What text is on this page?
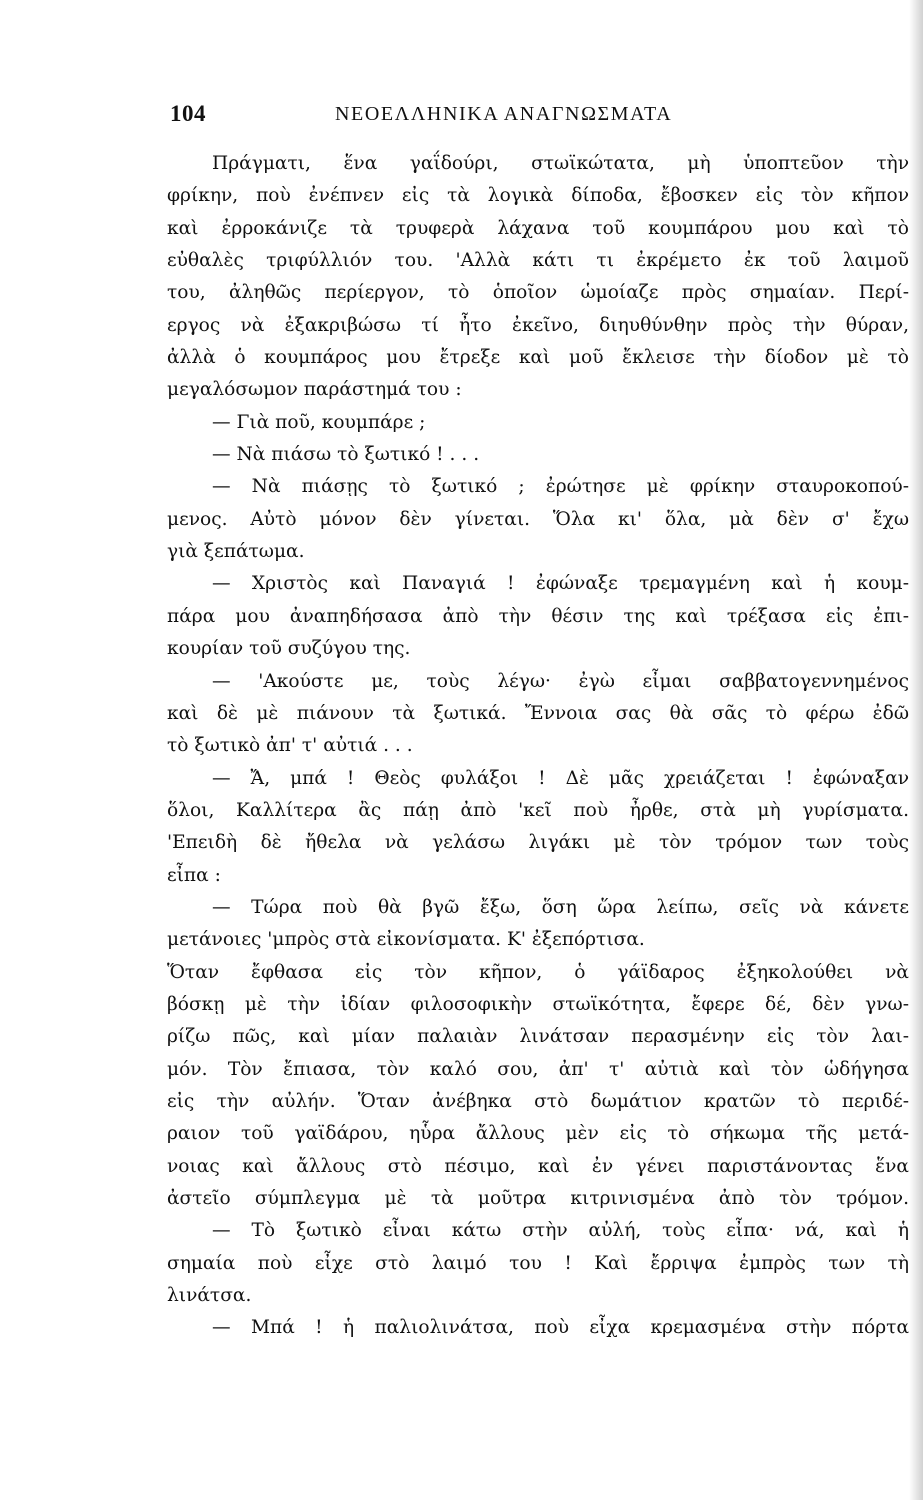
104	ΝΕΟΕΛΛΗΝΙΚΑ ΑΝΑΓΝΩΣΜΑΤΑ
Πράγματι, ἕνα γαΐδούρι, στωϊκώτατα, μὴ ὑποπτεῦον τὴν
φρίκην, ποὺ ἐνέπνεν εἰς τὰ λογικὰ δίποδα, ἔβοσκεν εἰς τὸν κῆπον
καὶ ἐρροκάνιζε τὰ τρυφερὰ λάχανα τοῦ κουμπάρου μου καὶ τὸ
εὐθαλὲς τριφύλλιόν του. 'Αλλὰ κάτι τι ἐκρέμετο ἐκ τοῦ λαιμοῦ
του, ἀληθῶς περίεργον, τὸ ὁποῖον ὡμοίαζε πρὸς σημαίαν. Περί-
εργος νὰ ἐξακριβώσω τί ἦτο ἐκεῖνο, διηυθύνθην πρὸς τὴν θύραν,
ἀλλὰ ὁ κουμπάρος μου ἔτρεξε καὶ μοῦ ἔκλεισε τὴν δίοδον μὲ τὸ
μεγαλόσωμον παράστημά του :
— Γιὰ ποῦ, κουμπάρε ;
— Νὰ πιάσω τὸ ξωτικό ! . . .
— Νὰ πιάσῃς τὸ ξωτικό ; ἐρώτησε μὲ φρίκην σταυροκοπού-
μενος. Αὐτὸ μόνον δὲν γίνεται. Ὅλα κι' ὅλα, μὰ δὲν σ' ἔχω
γιὰ ξεπάτωμα.
— Χριστὸς καὶ Παναγιά ! ἐφώναξε τρεμαγμένη καὶ ἡ κουμ-
πάρα μου ἀναπηδήσασα ἀπὸ τὴν θέσιν της καὶ τρέξασα εἰς ἐπι-
κουρίαν τοῦ συζύγου της.
— 'Ακούστε με, τοὺς λέγω· ἐγὼ εἶμαι σαββατογεννημένος
καὶ δὲ μὲ πιάνουν τὰ ξωτικά. Ἔννοια σας θὰ σᾶς τὸ φέρω ἐδῶ
τὸ ξωτικὸ ἀπ' τ' αὐτιά . . .
— Ἄ, μπά ! Θεὸς φυλάξοι ! Δὲ μᾶς χρειάζεται ! ἐφώναξαν
ὅλοι, Καλλίτερα ἂς πάῃ ἀπὸ 'κεῖ ποὺ ἦρθε, στὰ μὴ γυρίσματα.
'Επειδὴ δὲ ἤθελα νὰ γελάσω λιγάκι μὲ τὸν τρόμον των τοὺς
εἶπα :
— Τώρα ποὺ θὰ βγῶ ἔξω, ὅση ὥρα λείπω, σεῖς νὰ κάνετε
μετάνοιες 'μπρὸς στὰ εἰκονίσματα. Κ' ἐξεπόρτισα.
Ὅταν ἔφθασα εἰς τὸν κῆπον, ὁ γάϊδαρος ἐξηκολούθει νὰ
βόσκῃ μὲ τὴν ἰδίαν φιλοσοφικὴν στωϊκότητα, ἔφερε δέ, δὲν γνω-
ρίζω πῶς, καὶ μίαν παλαιὰν λινάτσαν περασμένην εἰς τὸν λαι-
μόν. Τὸν ἔπιασα, τὸν καλό σου, ἀπ' τ' αὐτιὰ καὶ τὸν ὡδήγησα
εἰς τὴν αὐλήν. Ὅταν ἀνέβηκα στὸ δωμάτιον κρατῶν τὸ περιδέ-
ραιον τοῦ γαϊδάρου, ηὗρα ἄλλους μὲν εἰς τὸ σήκωμα τῆς μετά-
νοιας καὶ ἄλλους στὸ πέσιμο, καὶ ἐν γένει παριστάνοντας ἕνα
ἀστεῖο σύμπλεγμα μὲ τὰ μοῦτρα κιτρινισμένα ἀπὸ τὸν τρόμον.
— Τὸ ξωτικὸ εἶναι κάτω στὴν αὐλή, τοὺς εἶπα· νά, καὶ ἡ
σημαία ποὺ εἶχε στὸ λαιμό του ! Καὶ ἔρριψα ἐμπρὸς των τὴ
λινάτσα.
— Μπά ! ἡ παλιολινάτσα, ποὺ εἶχα κρεμασμένα στὴν πόρτα
